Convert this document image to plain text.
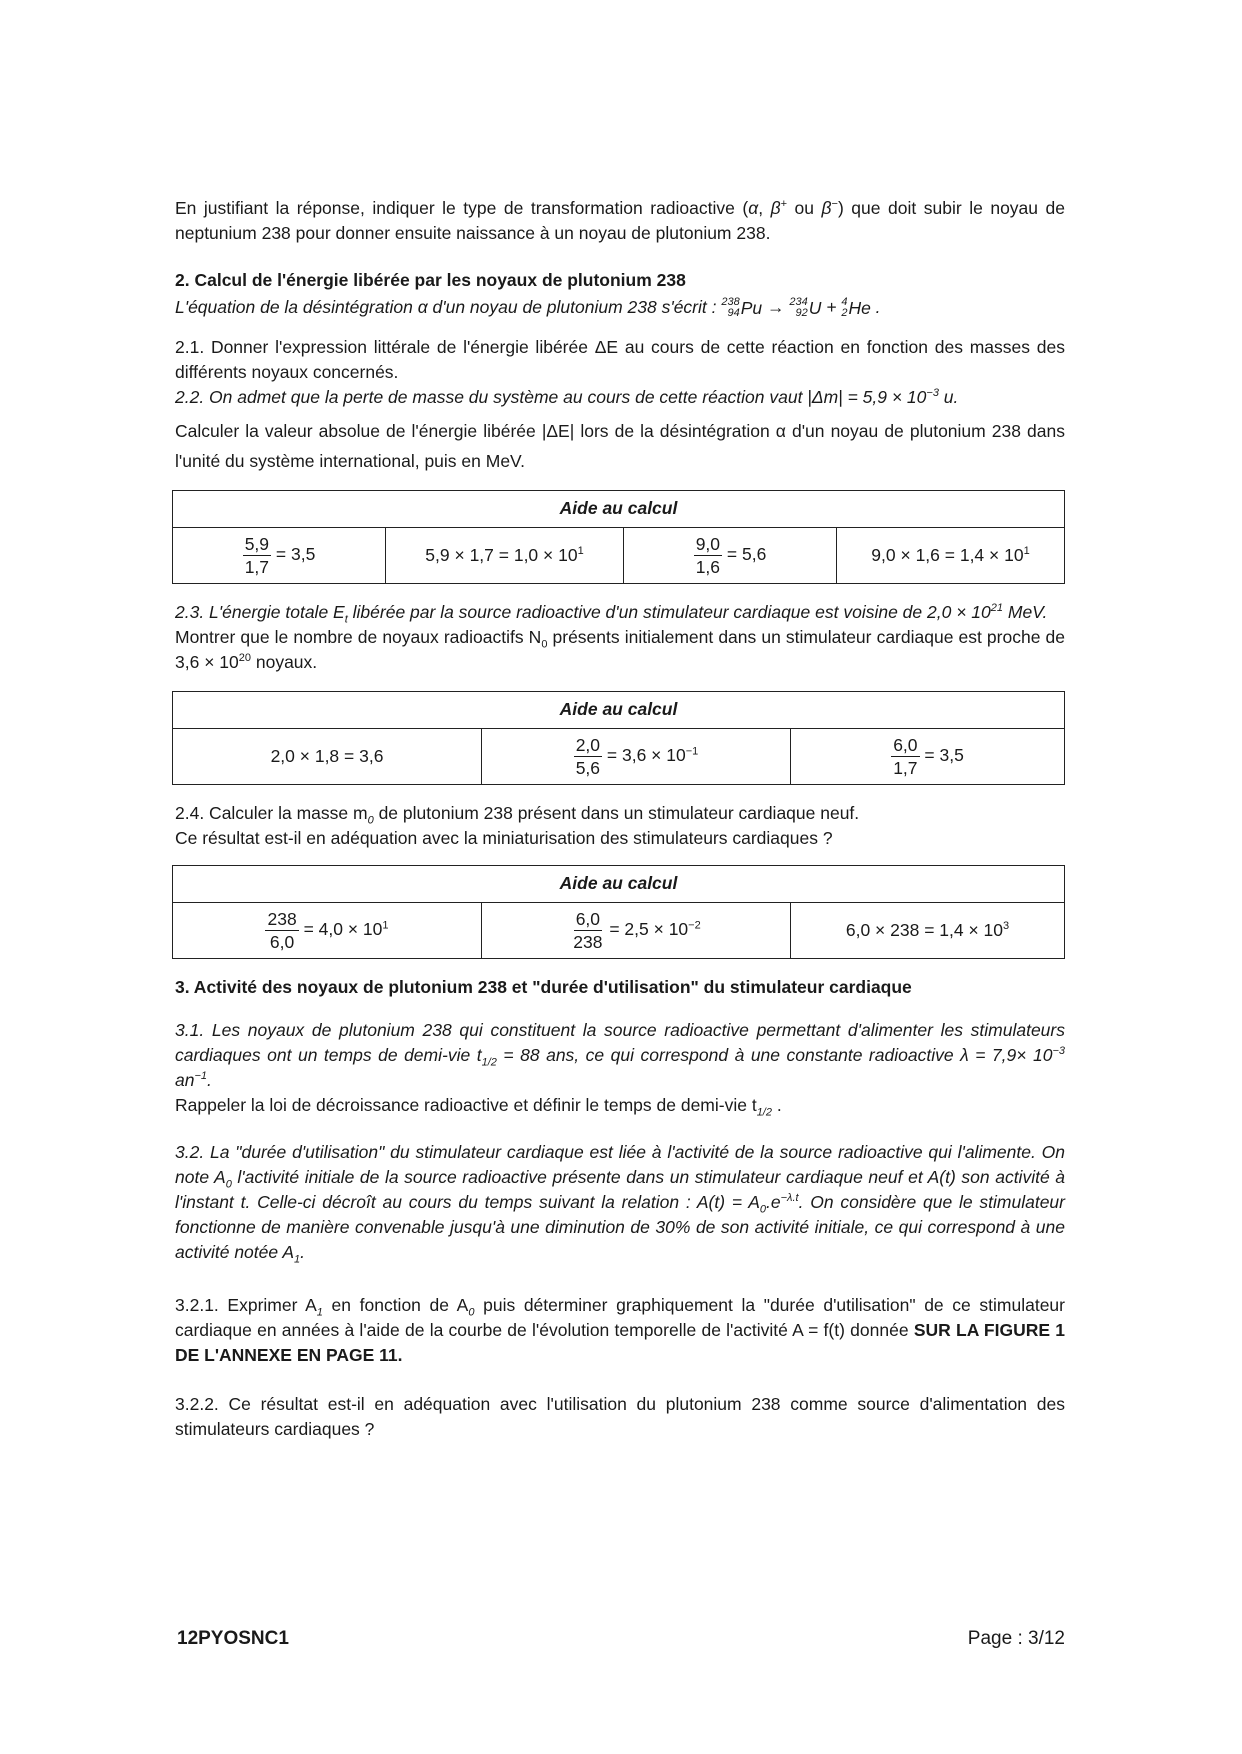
En justifiant la réponse, indiquer le type de transformation radioactive (α, β+ ou β−) que doit subir le noyau de neptunium 238 pour donner ensuite naissance à un noyau de plutonium 238.

2. Calcul de l'énergie libérée par les noyaux de plutonium 238
L'équation de la désintégration α d'un noyau de plutonium 238 s'écrit : 238
94 Pu → 234
92 U + 4
2 He .

2.1. Donner l'expression littérale de l'énergie libérée ΔE au cours de cette réaction en fonction des masses des différents noyaux concernés.

2.2. On admet que la perte de masse du système au cours de cette réaction vaut $|\Delta m| = 5,9 \times 10^{-3}$ u.

Calculer la valeur absolue de l'énergie libérée |ΔE| lors de la désintégration α d'un noyau de plutonium 238 dans l'unité du système international, puis en MeV.

Aide au calcul

$\frac{5,9}{1,7} = 3,5$	$5,9 \times 1,7 = 1,0 \times 10^1$	$\frac{9,0}{1,6} = 5,6$	$9,0 \times 1,6 = 1,4 \times 10^1$

2.3. L'énergie totale $E_t$ libérée par la source radioactive d'un stimulateur cardiaque est voisine de $2,0 \times 10^{21}$ MeV.

Montrer que le nombre de noyaux radioactifs $N_0$ présents initialement dans un stimulateur cardiaque est proche de $3,6 \times 10^{20}$ noyaux.

Aide au calcul
2,0 × 1,8 = 3,6	$\frac{2,0}{5,6} = 3,6 \times 10^{-1}$	$\frac{6,0}{1,7} = 3,5$

2.4. Calculer la masse $m_0$ de plutonium 238 présent dans un stimulateur cardiaque neuf.

Ce résultat est-il en adéquation avec la miniaturisation des stimulateurs cardiaques ?

Aide au calcul

$\frac{238}{6,0} = 4,0 \times 10^1$	$\frac{6,0}{238} = 2,5 \times 10^{-2}$	$6,0 \times 238 = 1,4 \times 10^3$
3. Activité des noyaux de plutonium 238 et "durée d'utilisation" du stimulateur cardiaque

3.1. Les noyaux de plutonium 238 qui constituent la source radioactive permettant d'alimenter les stimulateurs cardiaques ont un temps de demi-vie $t_{1/2} = 88$ ans, ce qui correspond à une constante radioactive $\lambda = 7,9\times 10^{-3}$ $an^{-1}$.

Rappeler la loi de décroissance radioactive et définir le temps de demi-vie $t_{1/2}$ .

3.2. La "durée d'utilisation" du stimulateur cardiaque est liée à l'activité de la source radioactive qui l'alimente. On note $A_0$ l'activité initiale de la source radioactive présente dans un stimulateur cardiaque neuf et A(t) son activité à l'instant t. Celle-ci décroît au cours du temps suivant la relation : $A(t) = A_0.e^{-\lambda.t}$. On considère que le stimulateur fonctionne de manière convenable jusqu'à une diminution de 30% de son activité initiale, ce qui correspond à une activité notée $A_1$.

3.2.1. Exprimer $A_1$ en fonction de $A_0$ puis déterminer graphiquement la "durée d'utilisation" de ce stimulateur cardiaque en années à l'aide de la courbe de l'évolution temporelle de l'activité A = f(t) donnée SUR LA FIGURE 1 DE L'ANNEXE EN PAGE 11.

3.2.2. Ce résultat est-il en adéquation avec l'utilisation du plutonium 238 comme source d'alimentation des stimulateurs cardiaques ?

12PYOSNC1	Page : 3/12
